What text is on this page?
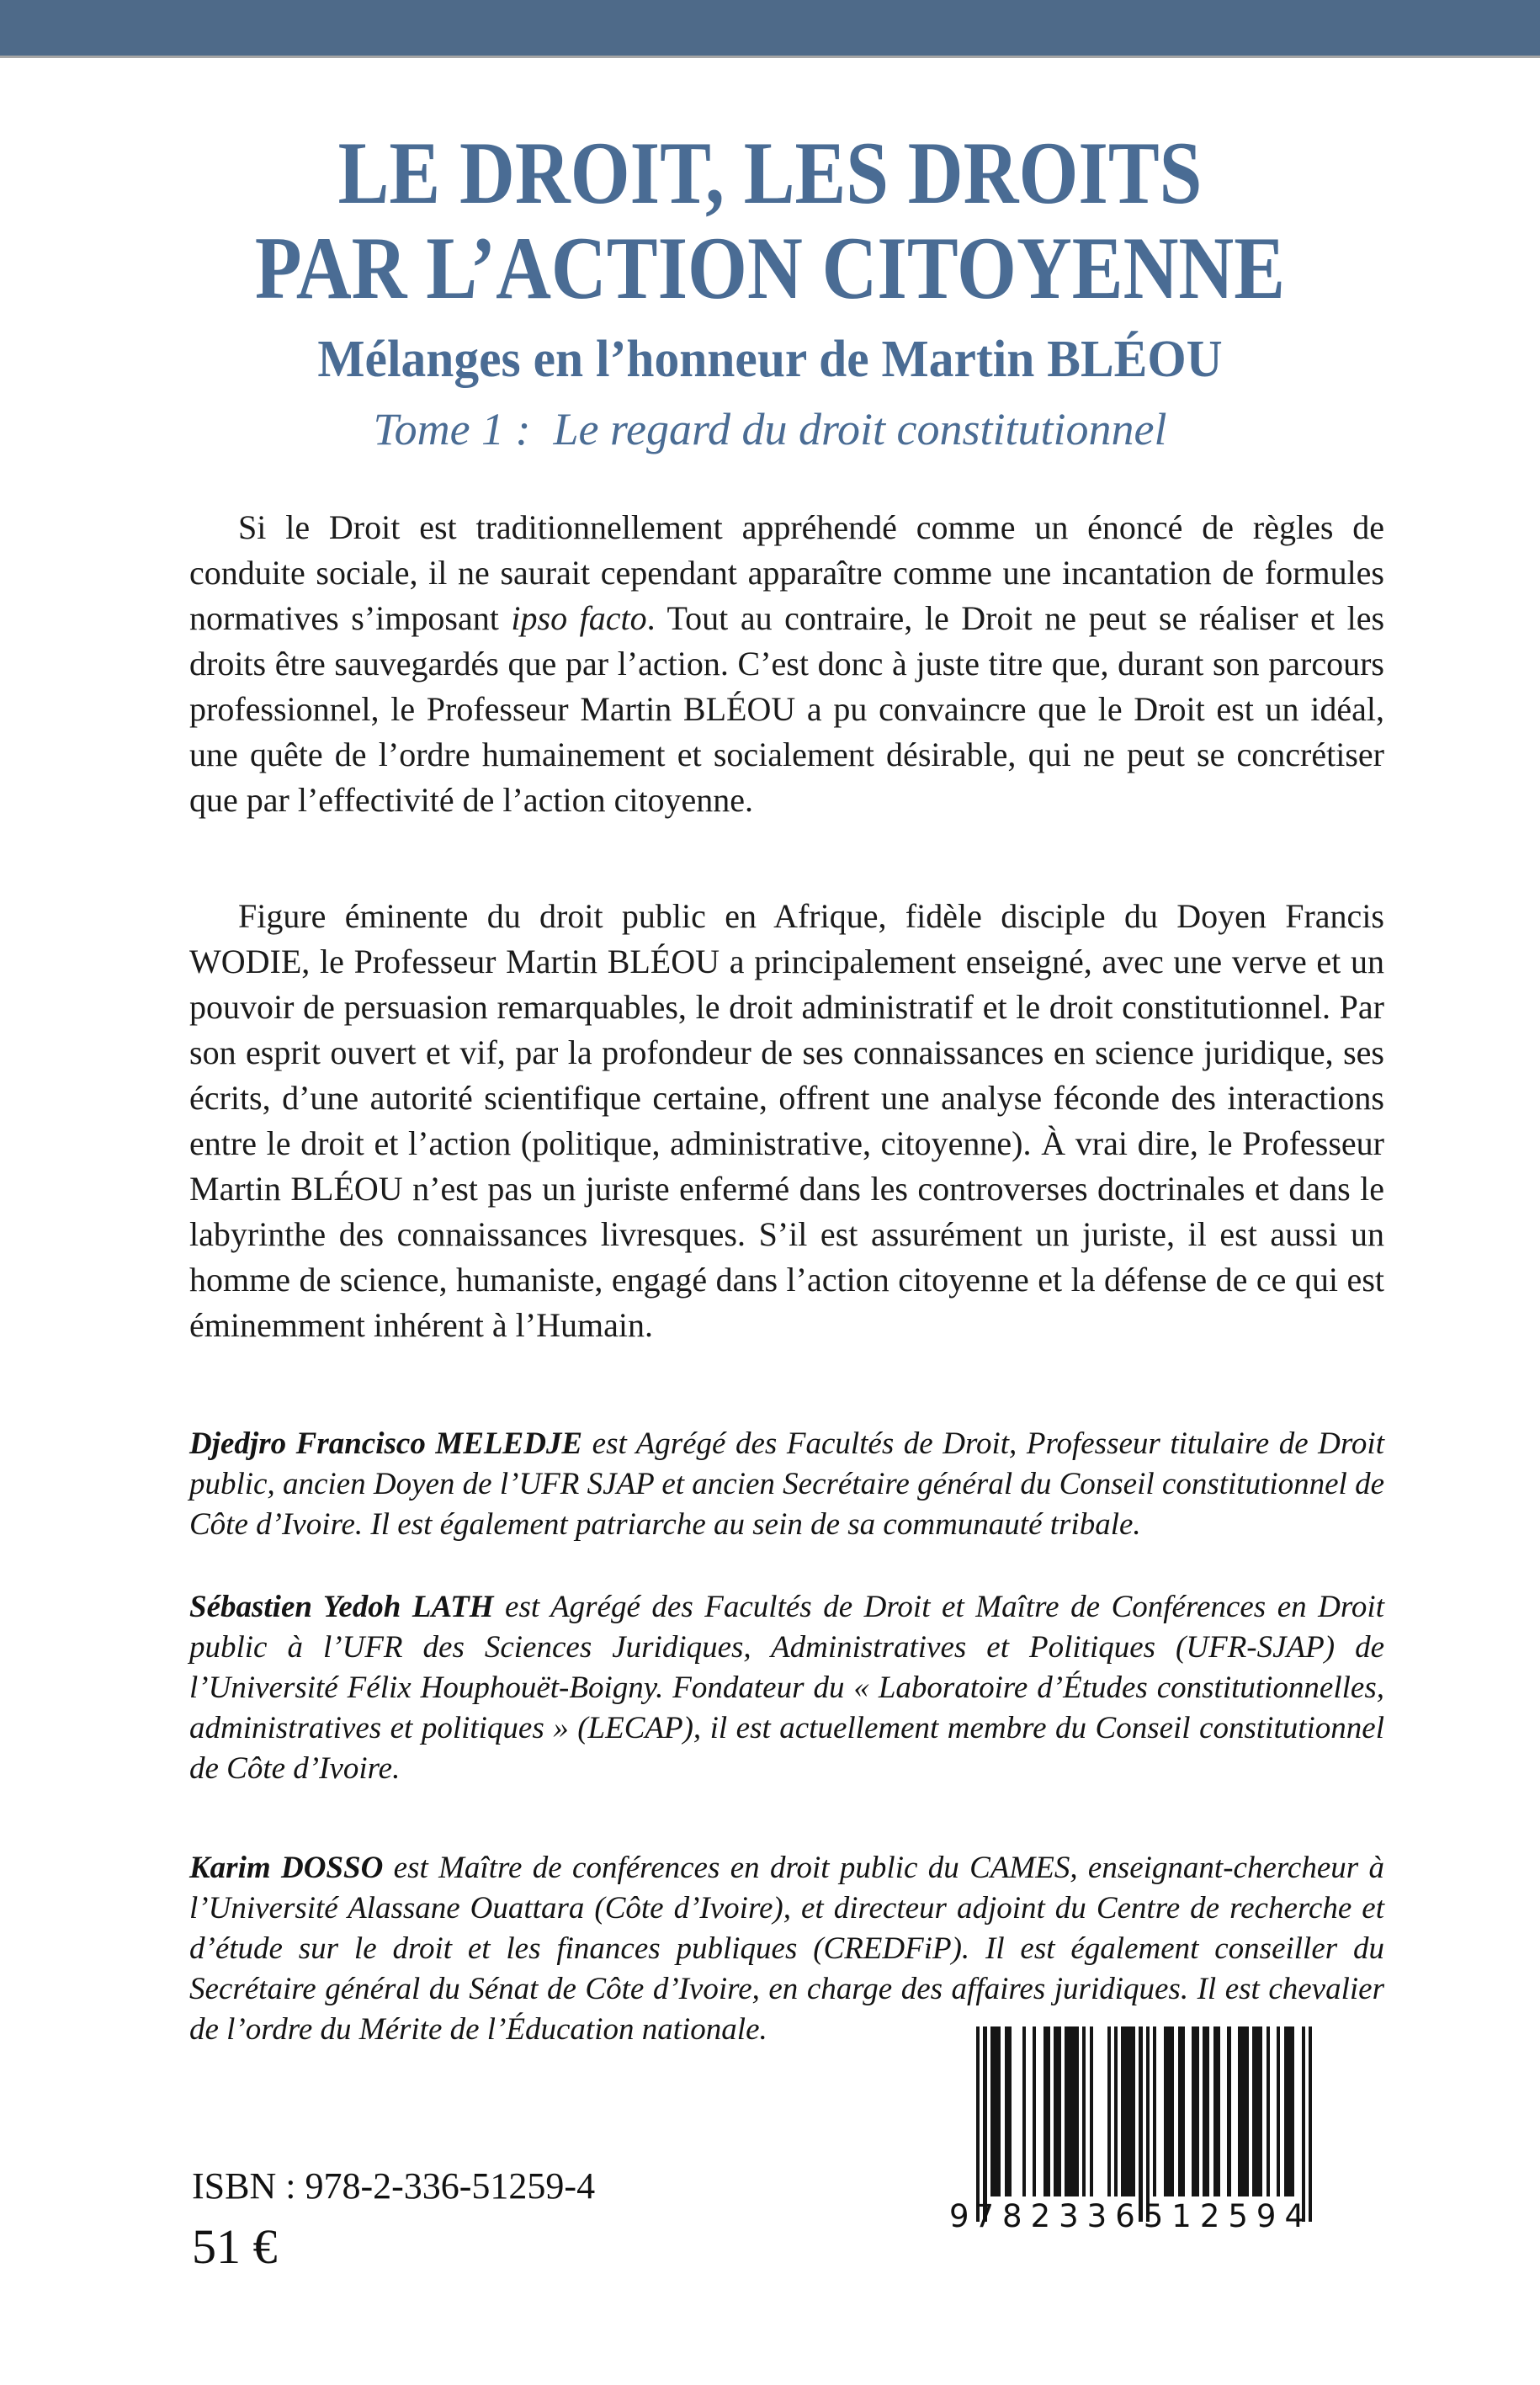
LE DROIT, LES DROITS
PAR L’ACTION CITOYENNE
Mélanges en l’honneur de Martin BLÉOU
Tome 1 :  Le regard du droit constitutionnel

Si le Droit est traditionnellement appréhendé comme un énoncé de règles de conduite sociale, il ne saurait cependant apparaître comme une incantation de formules normatives s’imposant ipso facto. Tout au contraire, le Droit ne peut se réaliser et les droits être sauvegardés que par l’action. C’est donc à juste titre que, durant son parcours professionnel, le Professeur Martin BLÉOU a pu convaincre que le Droit est un idéal, une quête de l’ordre humainement et socialement désirable, qui ne peut se concrétiser que par l’effectivité de l’action citoyenne.

Figure éminente du droit public en Afrique, fidèle disciple du Doyen Francis WODIE, le Professeur Martin BLÉOU a principalement enseigné, avec une verve et un pouvoir de persuasion remarquables, le droit administratif et le droit constitutionnel. Par son esprit ouvert et vif, par la profondeur de ses connaissances en science juridique, ses écrits, d’une autorité scientifique certaine, offrent une analyse féconde des interactions entre le droit et l’action (politique, administrative, citoyenne). À vrai dire, le Professeur Martin BLÉOU n’est pas un juriste enfermé dans les controverses doctrinales et dans le labyrinthe des connaissances livresques. S’il est assurément un juriste, il est aussi un homme de science, humaniste, engagé dans l’action citoyenne et la défense de ce qui est éminemment inhérent à l’Humain.

Djedjro Francisco MELEDJE est Agrégé des Facultés de Droit, Professeur titulaire de Droit public, ancien Doyen de l’UFR SJAP et ancien Secrétaire général du Conseil constitutionnel de Côte d’Ivoire. Il est également patriarche au sein de sa communauté tribale.

Sébastien Yedoh LATH est Agrégé des Facultés de Droit et Maître de Conférences en Droit public à l’UFR des Sciences Juridiques, Administratives et Politiques (UFR-SJAP) de l’Université Félix Houphouët-Boigny. Fondateur du « Laboratoire d’Études constitutionnelles, administratives et politiques » (LECAP), il est actuellement membre du Conseil constitutionnel de Côte d’Ivoire.

Karim DOSSO est Maître de conférences en droit public du CAMES, enseignant-chercheur à l’Université Alassane Ouattara (Côte d’Ivoire), et directeur adjoint du Centre de recherche et d’étude sur le droit et les finances publiques (CREDFiP). Il est également conseiller du Secrétaire général du Sénat de Côte d’Ivoire, en charge des affaires juridiques. Il est chevalier de l’ordre du Mérite de l’Éducation nationale.

ISBN : 978-2-336-51259-4
51 €
9 782336 512594
